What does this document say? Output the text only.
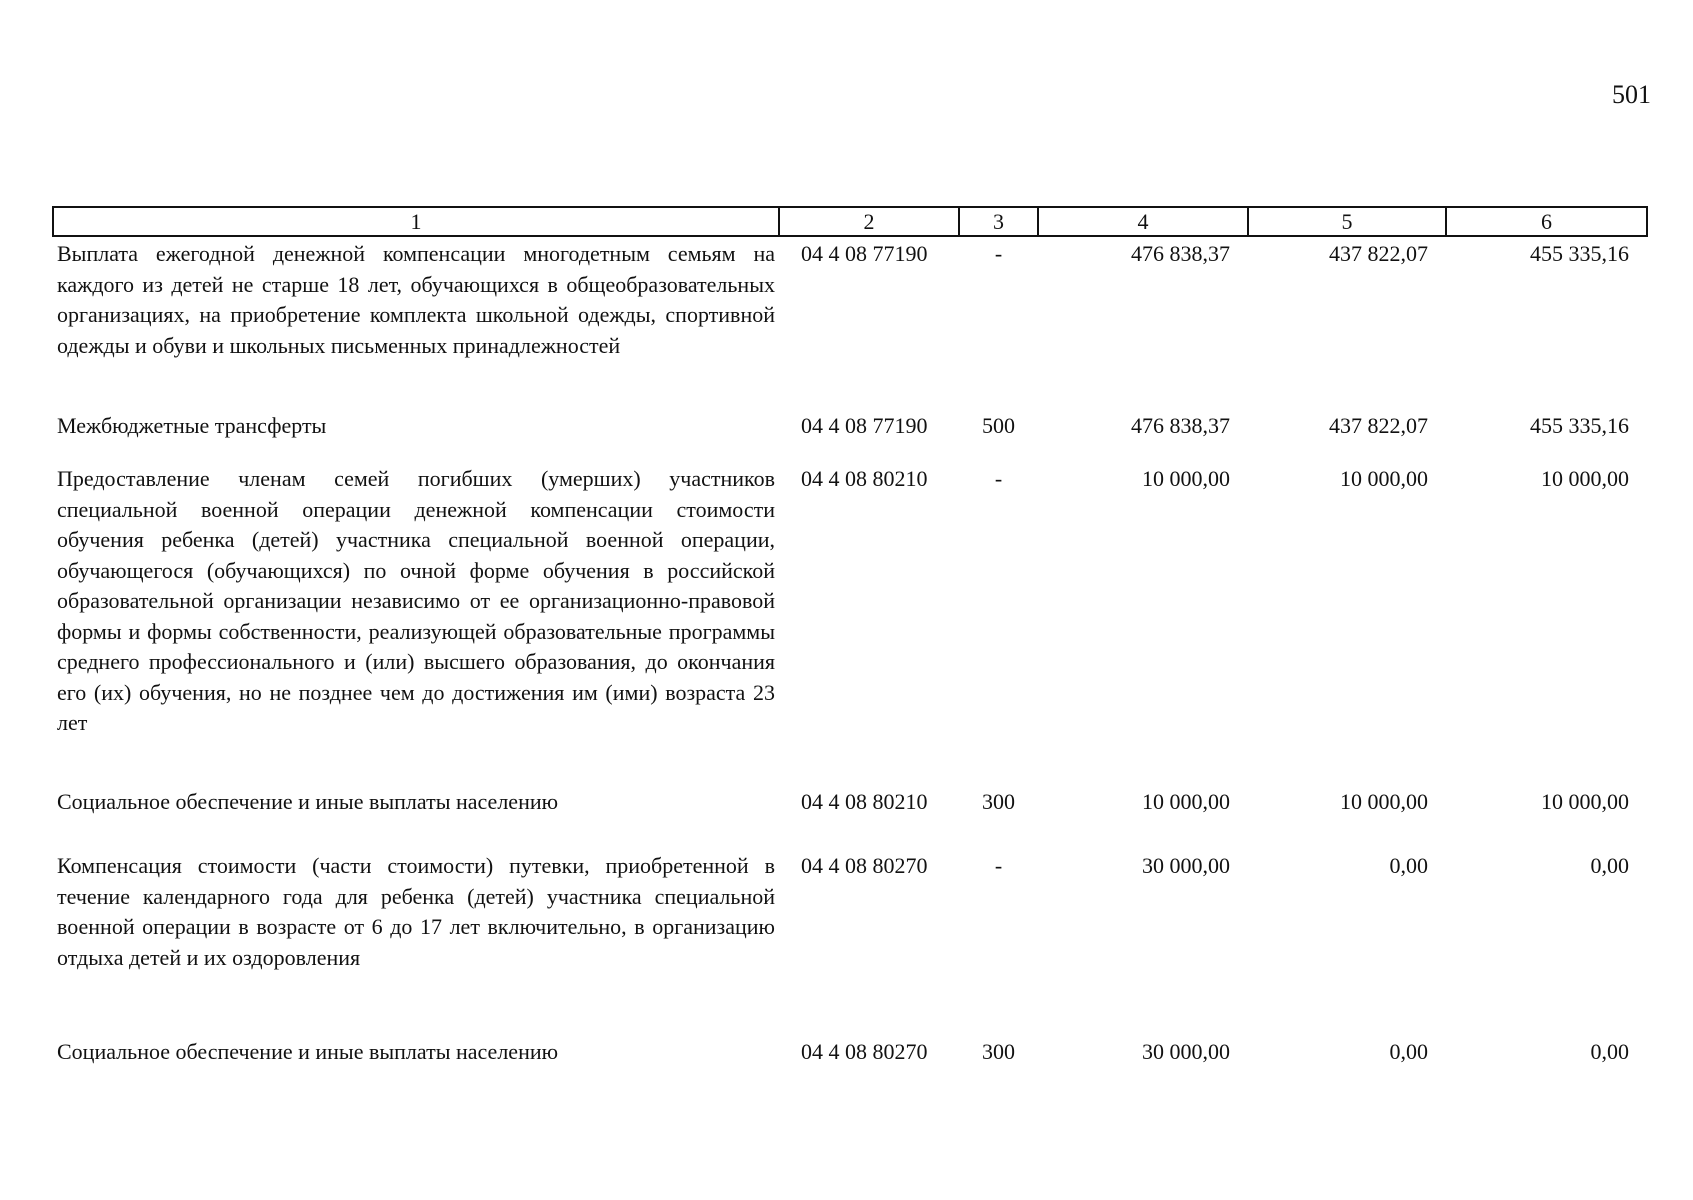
501
1	2	3	4	5	6
Выплата ежегодной денежной компенсации многодетным семьям на каждого из детей не старше 18 лет, обучающихся в общеобразовательных организациях, на приобретение комплекта школьной одежды, спортивной одежды и обуви и школьных письменных принадлежностей	04 4 08 77190	-	476 838,37	437 822,07	455 335,16
Межбюджетные трансферты	04 4 08 77190	500	476 838,37	437 822,07	455 335,16
Предоставление членам семей погибших (умерших) участников специальной военной операции денежной компенсации стоимости обучения ребенка (детей) участника специальной военной операции, обучающегося (обучающихся) по очной форме обучения в российской образовательной организации независимо от ее организационно-правовой формы и формы собственности, реализующей образовательные программы среднего профессионального и (или) высшего образования, до окончания его (их) обучения, но не позднее чем до достижения им (ими) возраста 23 лет	04 4 08 80210	-	10 000,00	10 000,00	10 000,00
Социальное обеспечение и иные выплаты населению	04 4 08 80210	300	10 000,00	10 000,00	10 000,00
Компенсация стоимости (части стоимости) путевки, приобретенной в течение календарного года для ребенка (детей) участника специальной военной операции в возрасте от 6 до 17 лет включительно, в организацию отдыха детей и их оздоровления	04 4 08 80270	-	30 000,00	0,00	0,00
Социальное обеспечение и иные выплаты населению	04 4 08 80270	300	30 000,00	0,00	0,00
